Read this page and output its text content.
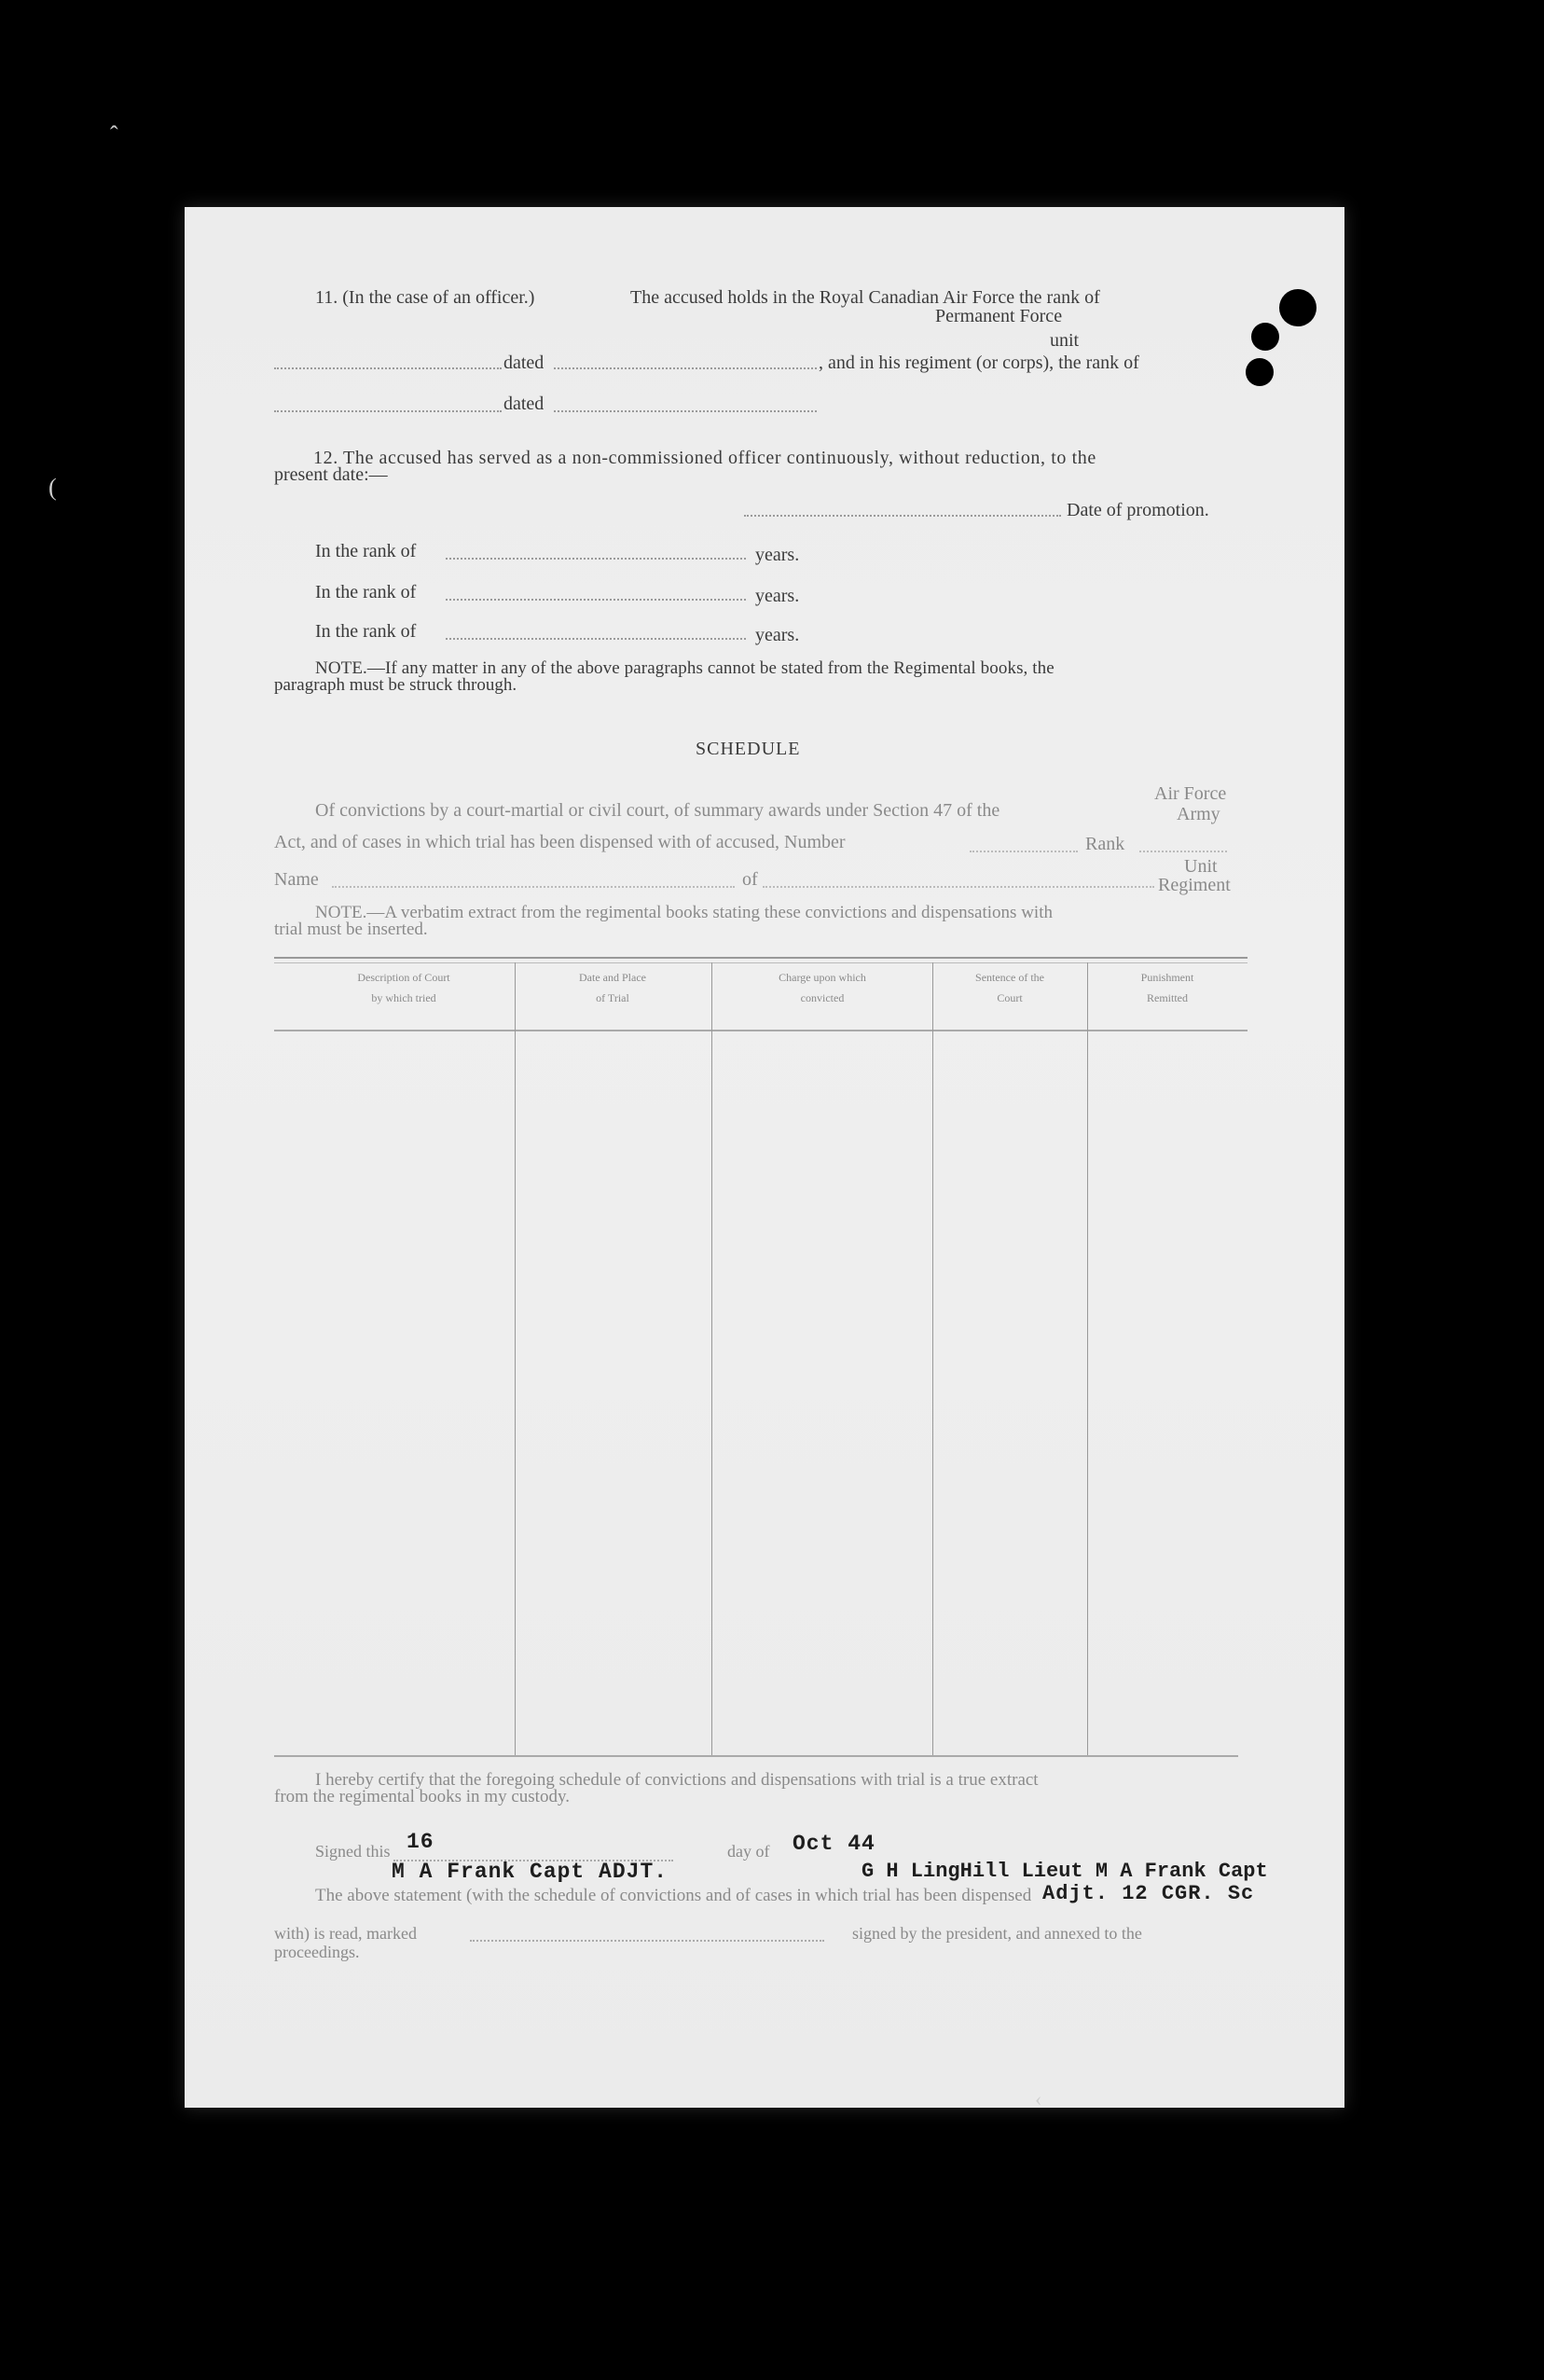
11. (In the case of an officer.)	The accused holds in the Royal Canadian Air Force the rank of
Permanent Force
unit
dated	, and in his regiment (or corps), the rank of
dated
12. The accused has served as a non-commissioned officer continuously, without reduction, to the
present date:—
Date of promotion.
In the rank of	years.
In the rank of	years.
In the rank of	years.
NOTE.—If any matter in any of the above paragraphs cannot be stated from the Regimental books, the
paragraph must be struck through.
SCHEDULE
Air Force
Of convictions by a court-martial or civil court, of summary awards under Section 47 of the	Army
Act, and of cases in which trial has been dispensed with of accused, Number	Rank
Unit
Name	of	Regiment
NOTE.—A verbatim extract from the regimental books stating these convictions and dispensations with
trial must be inserted.
Description of Court
by which tried
Date and Place
of Trial
Charge upon which
convicted
Sentence of the
Court
Punishment
Remitted
I hereby certify that the foregoing schedule of convictions and dispensations with trial is a true extract
from the regimental books in my custody.
Signed this 16	day of Oct 44
M A Frank Capt ADJT.	G H LingHill Lieut M A Frank Capt
The above statement (with the schedule of convictions and of cases in which trial has been dispensed Adjt. 12 CGR. Sc
with) is read, marked	signed by the president, and annexed to the
proceedings.
ˆ
(
‹
